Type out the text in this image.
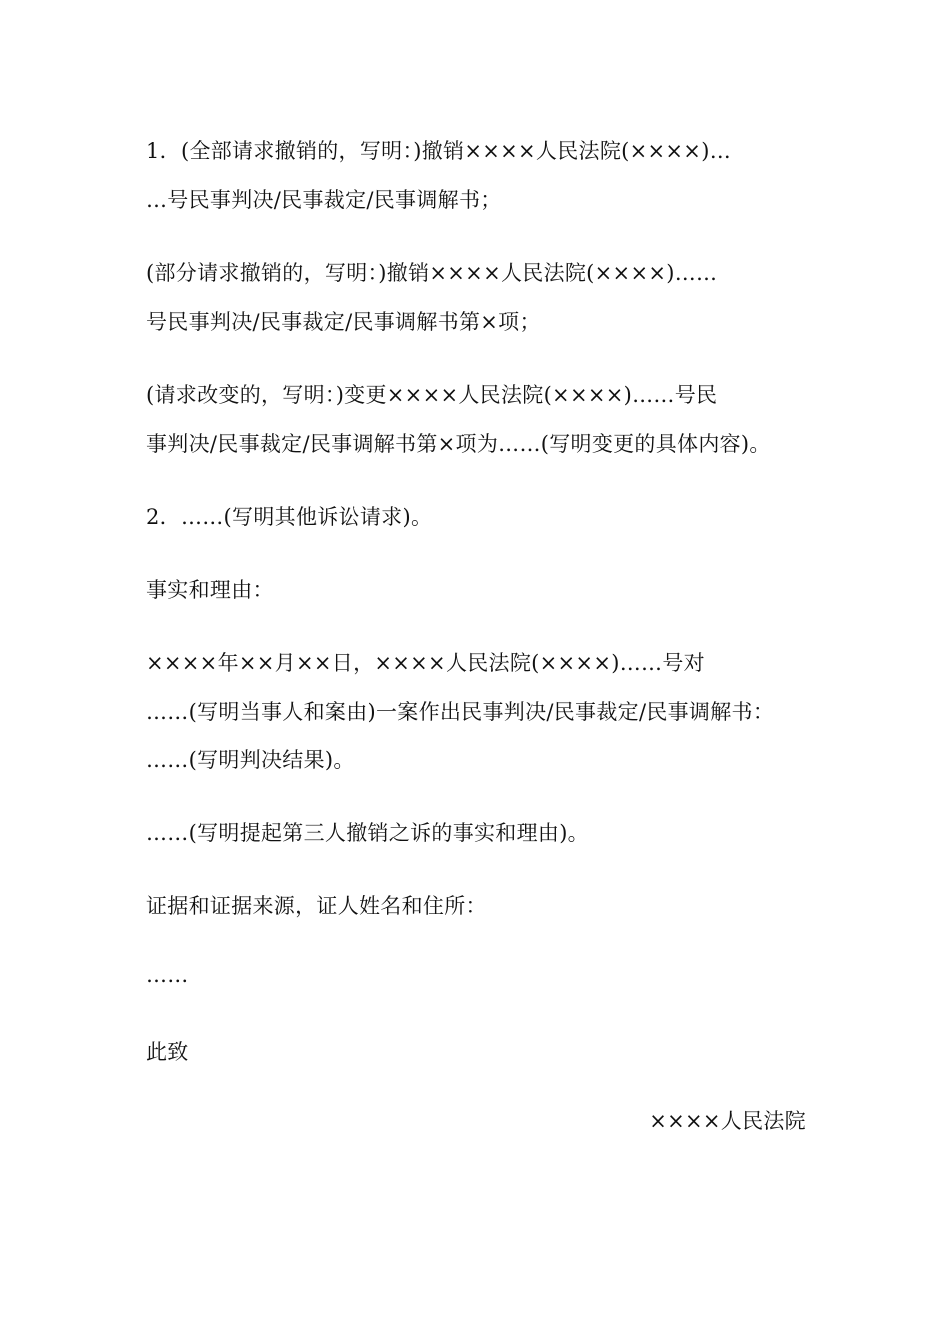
1．(全部请求撤销的，写明：)撤销××××人民法院(××××)…
…号民事判决/民事裁定/民事调解书；
(部分请求撤销的，写明：)撤销××××人民法院(××××)……
号民事判决/民事裁定/民事调解书第×项；
(请求改变的，写明：)变更××××人民法院(××××)……号民
事判决/民事裁定/民事调解书第×项为……(写明变更的具体内容)。
2．……(写明其他诉讼请求)。
事实和理由：
××××年××月××日，××××人民法院(××××)……号对
……(写明当事人和案由)一案作出民事判决/民事裁定/民事调解书：
……(写明判决结果)。
……(写明提起第三人撤销之诉的事实和理由)。
证据和证据来源，证人姓名和住所：
……
此致
××××人民法院
